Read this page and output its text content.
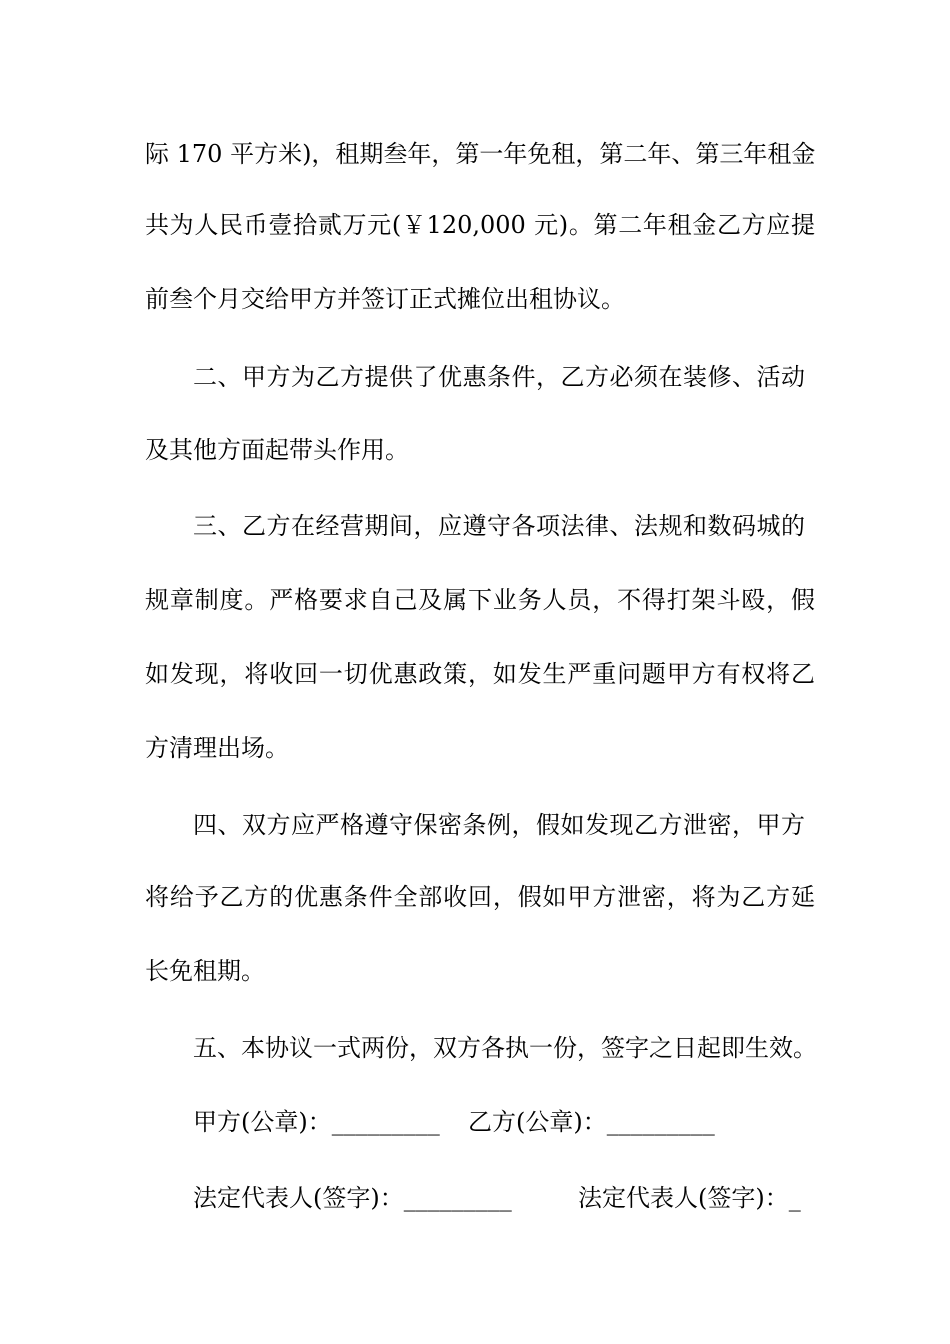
际 170 平方米)，租期叁年，第一年免租，第二年、第三年租金
共为人民币壹拾贰万元(￥120,000 元)。第二年租金乙方应提
前叁个月交给甲方并签订正式摊位出租协议。
二、甲方为乙方提供了优惠条件，乙方必须在装修、活动
及其他方面起带头作用。
三、乙方在经营期间，应遵守各项法律、法规和数码城的
规章制度。严格要求自己及属下业务人员，不得打架斗殴，假
如发现，将收回一切优惠政策，如发生严重问题甲方有权将乙
方清理出场。
四、双方应严格遵守保密条例，假如发现乙方泄密，甲方
将给予乙方的优惠条件全部收回，假如甲方泄密，将为乙方延
长免租期。
五、本协议一式两份，双方各执一份，签字之日起即生效。
甲方(公章)：_________ 乙方(公章)：_________
法定代表人(签字)：_________	法定代表人(签字)：_
